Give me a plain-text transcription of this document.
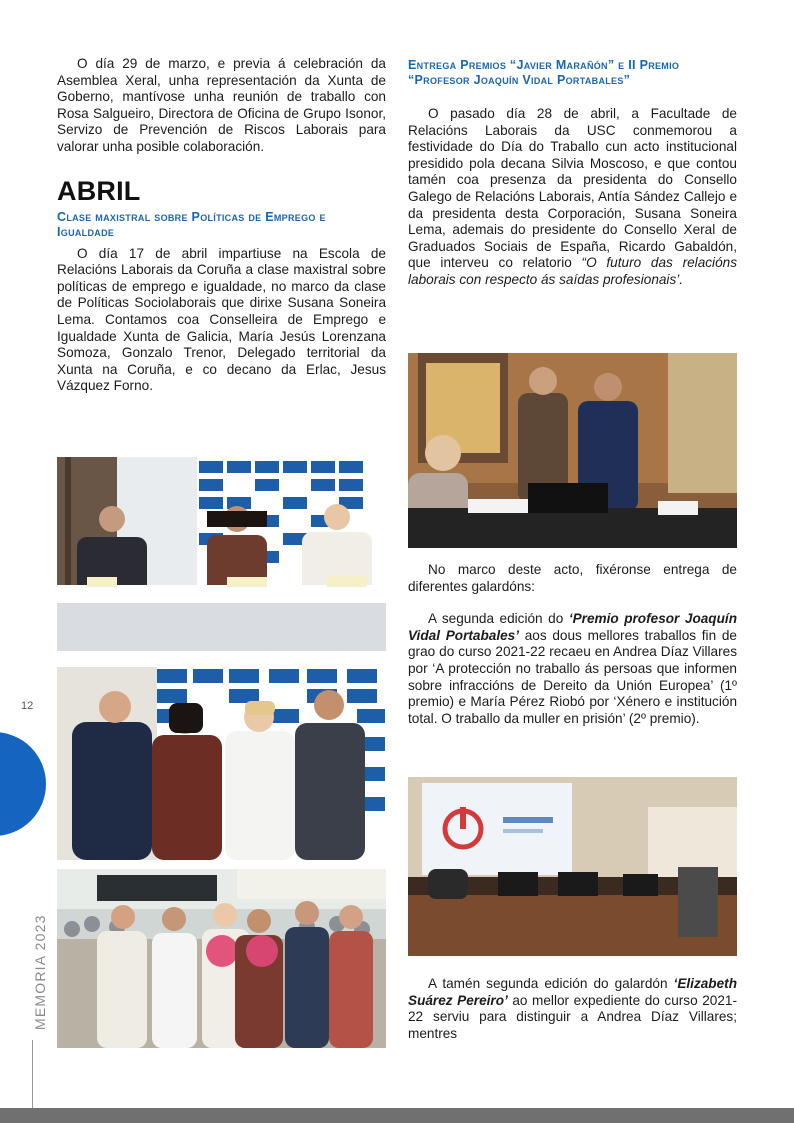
O día 29 de marzo, e previa á celebración da Asemblea Xeral, unha representación da Xunta de Goberno, mantívose unha reunión de traballo con Rosa Salgueiro, Directora de Oficina de Grupo Isonor, Servizo de Prevención de Riscos Laborais para valorar unha posible colaboración.

ABRIL
Clase maxistral sobre Políticas de Emprego e Igualdade

O día 17 de abril impartiuse na Escola de Relacións Laborais da Coruña a clase maxistral sobre políticas de emprego e igualdade, no marco da clase de Políticas Sociolaborais que dirixe Susana Soneira Lema. Contamos coa Conselleira de Emprego e Igualdade Xunta de Galicia, María Jesús Lorenzana Somoza, Gonzalo Trenor, Delegado territorial da Xunta na Coruña, e co decano da Erlac, Jesus Vázquez Forno.

Entrega Premios “Javier Marañón” e II Premio “Profesor Joaquín Vidal Portabales”

O pasado día 28 de abril, a Facultade de Relacións Laborais da USC conmemorou a festividade do Día do Traballo cun acto institucional presidido pola decana Silvia Moscoso, e que contou tamén coa presenza da presidenta do Consello Galego de Relacións Laborais, Antía Sández Callejo e da presidenta desta Corporación, Susana Soneira Lema, ademais do presidente do Consello Xeral de Graduados Sociais de España, Ricardo Gabaldón, que interveu co relatorio “O futuro das relacións laborais con respecto ás saídas profesionais’.

No marco deste acto, fixéronse entrega de diferentes galardóns:

A segunda edición do ‘Premio profesor Joaquín Vidal Portabales’ aos dous mellores traballos fin de grao do curso 2021-22 recaeu en Andrea Díaz Villares por ‘A protección no traballo ás persoas que informen sobre infraccións de Dereito da Unión Europea’ (1º premio) e María Pérez Riobó por ‘Xénero e institución total. O traballo da muller en prisión’ (2º premio).

A tamén segunda edición do galardón ‘Elizabeth Suárez Pereiro’ ao mellor expediente do curso 2021-22 serviu para distinguir a Andrea Díaz Villares; mentres

12
MEMORIA 2023
